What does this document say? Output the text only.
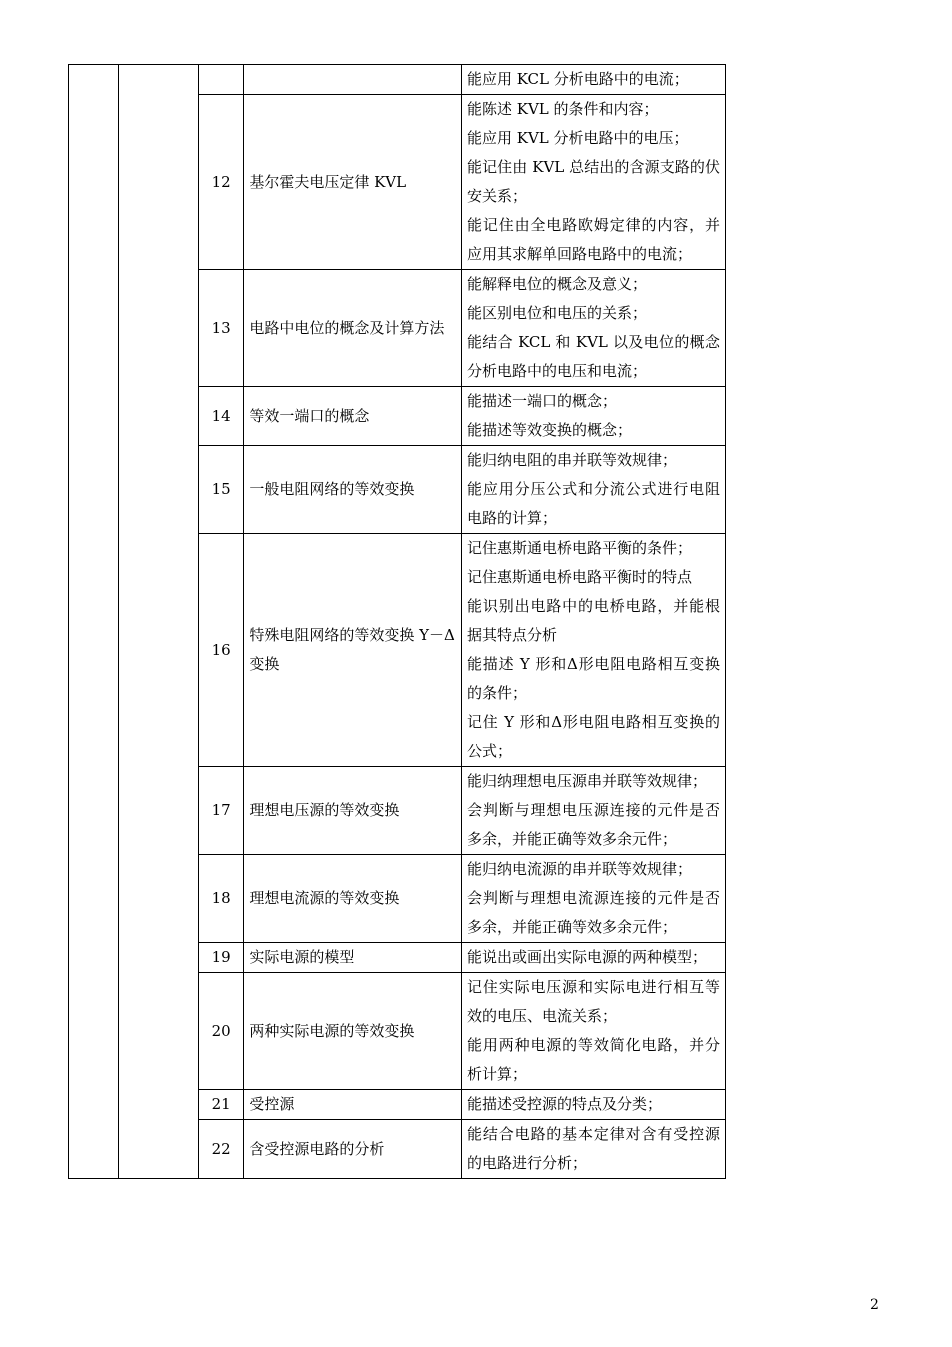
				能应用 KCL 分析电路中的电流；

		12	基尔霍夫电压定律 KVL	能陈述 KVL 的条件和内容；
能应用 KVL 分析电路中的电压；
能记住由 KVL 总结出的含源支路的伏安关系；
能记住由全电路欧姆定律的内容，并应用其求解单回路电路中的电流；

		13	电路中电位的概念及计算方法	能解释电位的概念及意义；
能区别电位和电压的关系；
能结合 KCL 和 KVL 以及电位的概念分析电路中的电压和电流；

		14	等效一端口的概念	能描述一端口的概念；
能描述等效变换的概念；

		15	一般电阻网络的等效变换	能归纳电阻的串并联等效规律；
能应用分压公式和分流公式进行电阻电路的计算；

		16	特殊电阻网络的等效变换 Y－Δ变换	记住惠斯通电桥电路平衡的条件；
记住惠斯通电桥电路平衡时的特点
能识别出电路中的电桥电路，并能根据其特点分析
能描述 Y 形和Δ形电阻电路相互变换的条件；
记住 Y 形和Δ形电阻电路相互变换的公式；

		17	理想电压源的等效变换	能归纳理想电压源串并联等效规律；
会判断与理想电压源连接的元件是否多余，并能正确等效多余元件；

		18	理想电流源的等效变换	能归纳电流源的串并联等效规律；
会判断与理想电流源连接的元件是否多余，并能正确等效多余元件；

		19	实际电源的模型	能说出或画出实际电源的两种模型；

		20	两种实际电源的等效变换	记住实际电压源和实际电进行相互等效的电压、电流关系；
能用两种电源的等效简化电路，并分析计算；

		21	受控源	能描述受控源的特点及分类；

		22	含受控源电路的分析	能结合电路的基本定律对含有受控源的电路进行分析；
2
